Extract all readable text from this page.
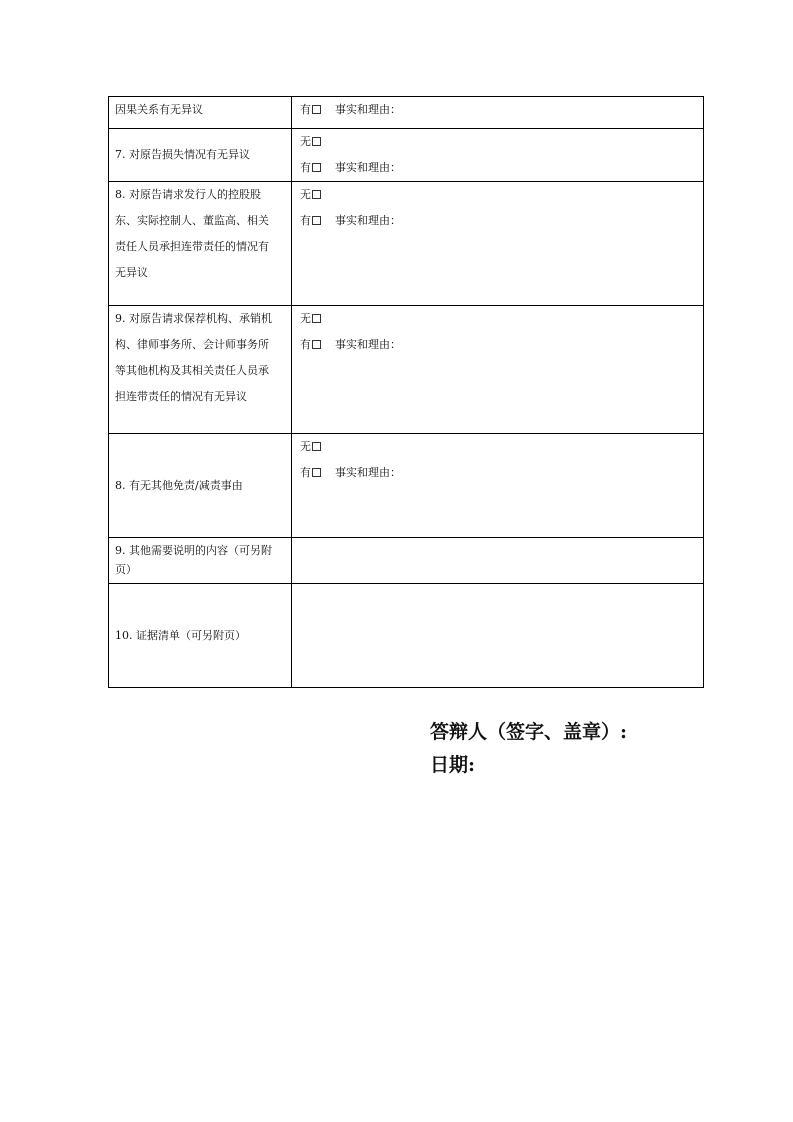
因果关系有无异议	有 事实和理由：

7. 对原告损失情况有无异议	无
有 事实和理由：

8. 对原告请求发行人的控股股
东、实际控制人、董监高、相关
责任人员承担连带责任的情况有
无异议	无
有 事实和理由：

9. 对原告请求保荐机构、承销机
构、律师事务所、会计师事务所
等其他机构及其相关责任人员承
担连带责任的情况有无异议	无
有 事实和理由：

8. 有无其他免责/减责事由	无
有 事实和理由：

9. 其他需要说明的内容（可另附
页）	

10. 证据清单（可另附页）	

答辩人（签字、盖章）:
日期:
